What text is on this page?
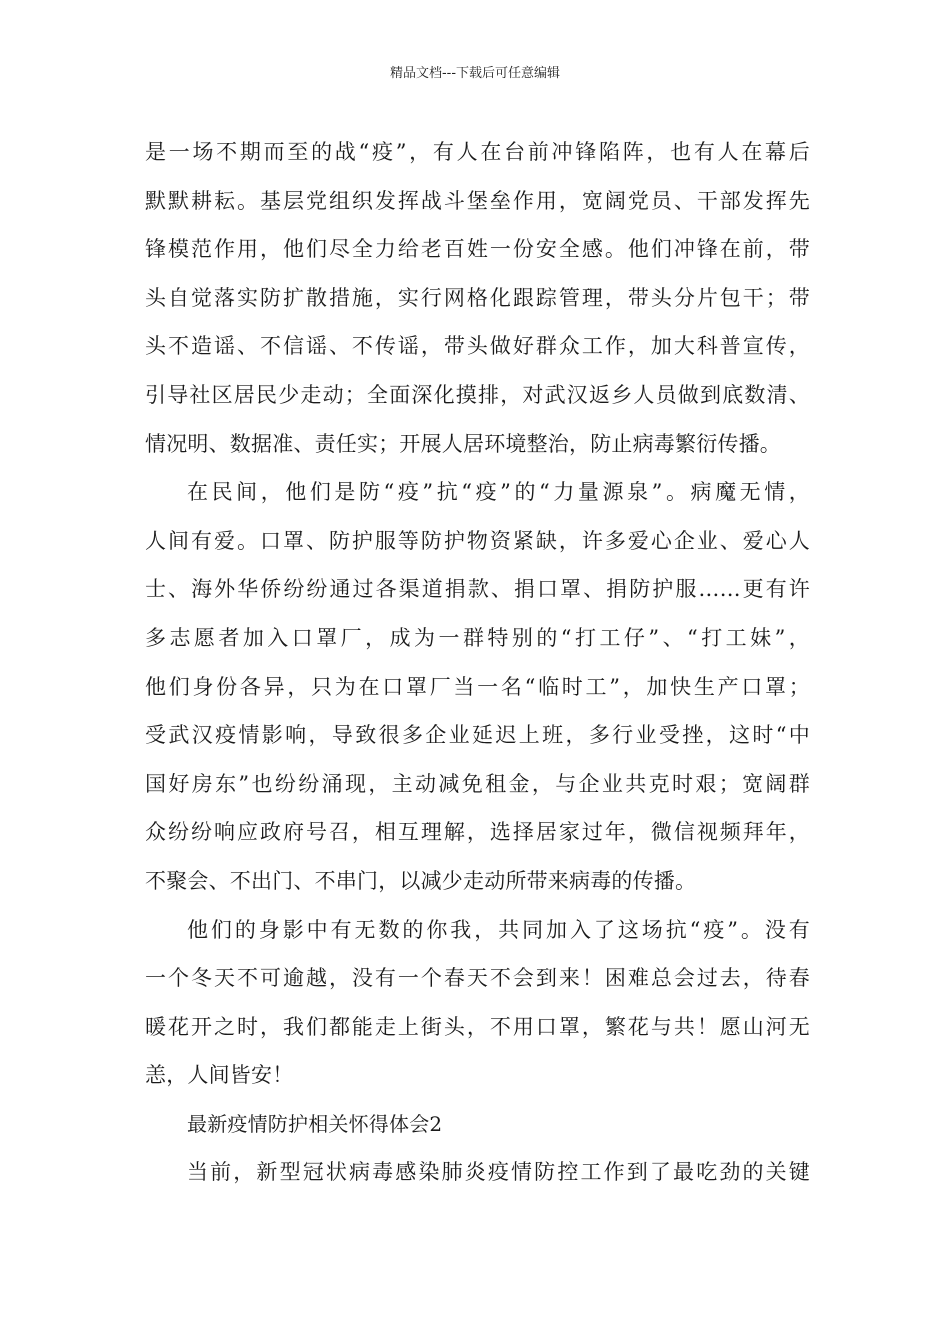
精品文档---下载后可任意编辑
是一场不期而至的战“疫”，有人在台前冲锋陷阵，也有人在幕后
默默耕耘。基层党组织发挥战斗堡垒作用，宽阔党员、干部发挥先
锋模范作用，他们尽全力给老百姓一份安全感。他们冲锋在前，带
头自觉落实防扩散措施，实行网格化跟踪管理，带头分片包干；带
头不造谣、不信谣、不传谣，带头做好群众工作，加大科普宣传，
引导社区居民少走动；全面深化摸排，对武汉返乡人员做到底数清、
情况明、数据准、责任实；开展人居环境整治，防止病毒繁衍传播。
在民间，他们是防“疫”抗“疫”的“力量源泉”。病魔无情，
人间有爱。口罩、防护服等防护物资紧缺，许多爱心企业、爱心人
士、海外华侨纷纷通过各渠道捐款、捐口罩、捐防护服……更有许
多志愿者加入口罩厂，成为一群特别的“打工仔”、“打工妹”，
他们身份各异，只为在口罩厂当一名“临时工”，加快生产口罩；
受武汉疫情影响，导致很多企业延迟上班，多行业受挫，这时“中
国好房东”也纷纷涌现，主动减免租金，与企业共克时艰；宽阔群
众纷纷响应政府号召，相互理解，选择居家过年，微信视频拜年，
不聚会、不出门、不串门，以减少走动所带来病毒的传播。
他们的身影中有无数的你我，共同加入了这场抗“疫”。没有
一个冬天不可逾越，没有一个春天不会到来！困难总会过去，待春
暖花开之时，我们都能走上街头，不用口罩，繁花与共！愿山河无
恙，人间皆安！
最新疫情防护相关怀得体会2
当前，新型冠状病毒感染肺炎疫情防控工作到了最吃劲的关键
